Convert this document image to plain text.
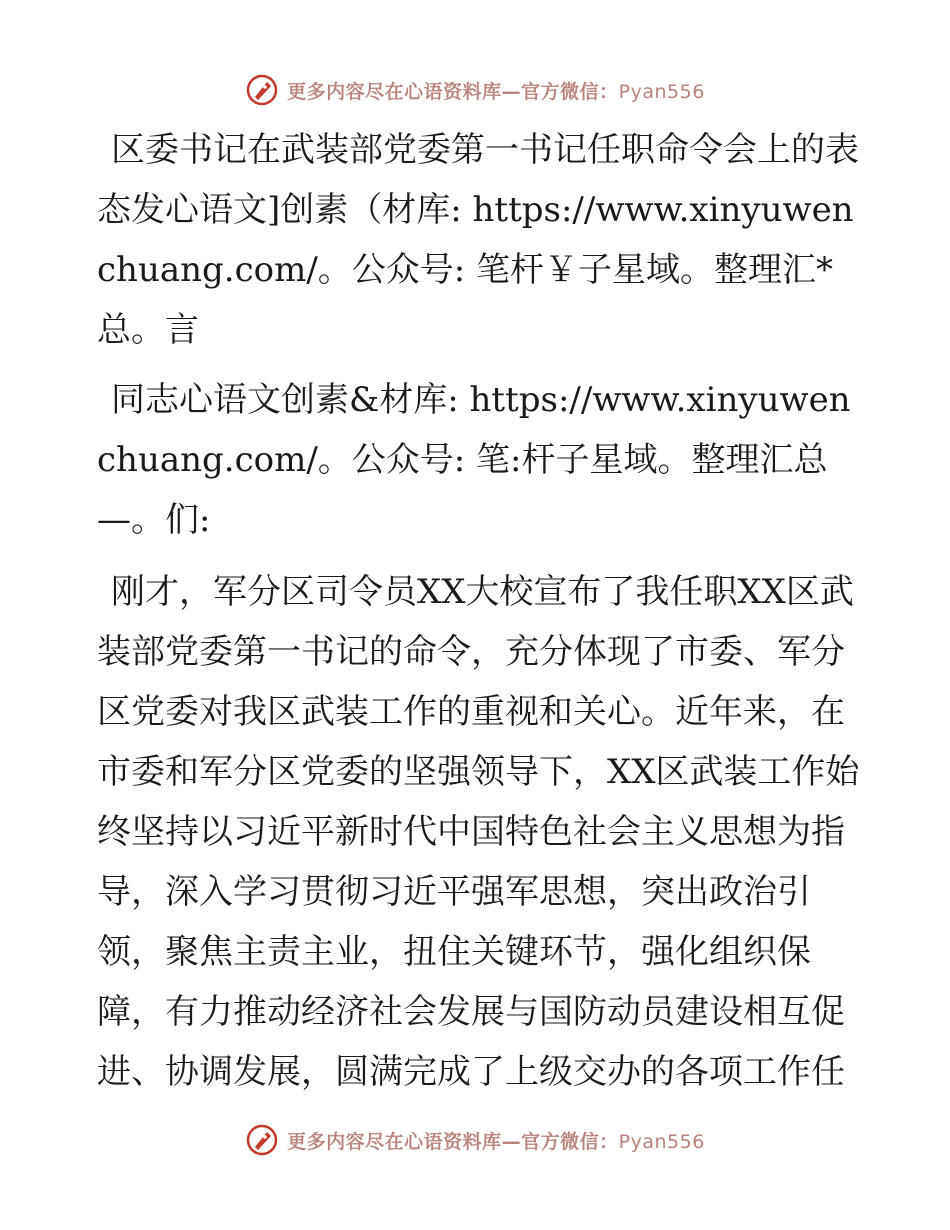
更多内容尽在心语资料库—官方微信：Pyan556

区委书记在武装部党委第一书记任职命令会上的表态发心语文]创素（材库: https://www.xinyuwenchuang.com/。公众号: 笔杆￥子星域。整理汇*总。言

同志心语文创素&材库: https://www.xinyuwenchuang.com/。公众号: 笔:杆子星域。整理汇总—。们:

刚才，军分区司令员XX大校宣布了我任职XX区武装部党委第一书记的命令，充分体现了市委、军分区党委对我区武装工作的重视和关心。近年来，在市委和军分区党委的坚强领导下，XX区武装工作始终坚持以习近平新时代中国特色社会主义思想为指导，深入学习贯彻习近平强军思想，突出政治引领，聚焦主责主业，扭住关键环节，强化组织保障，有力推动经济社会发展与国防动员建设相互促进、协调发展，圆满完成了上级交办的各项工作任

更多内容尽在心语资料库—官方微信：Pyan556
